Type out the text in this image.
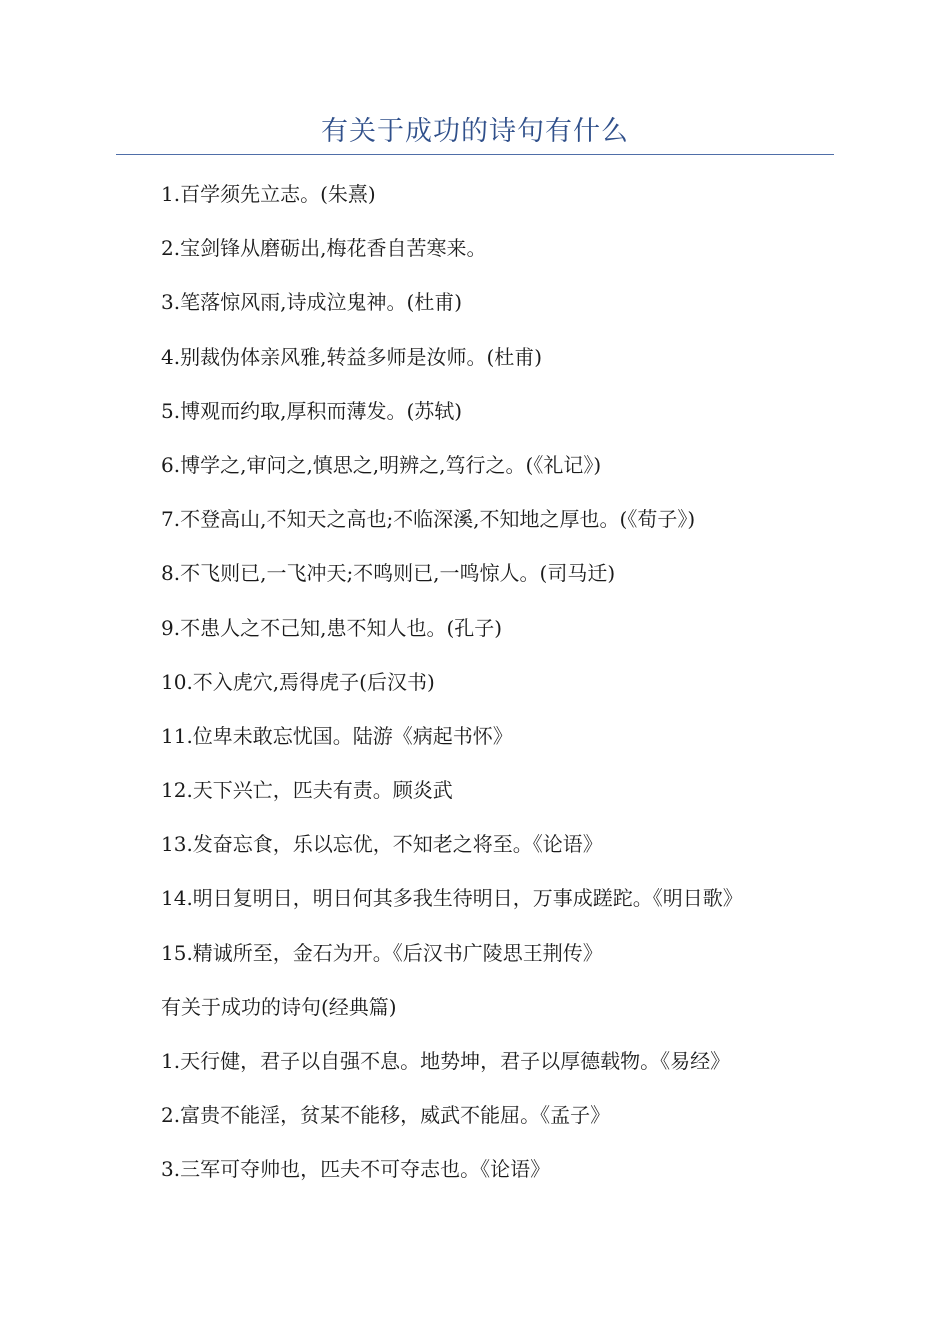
有关于成功的诗句有什么
1.百学须先立志。(朱熹)
2.宝剑锋从磨砺出,梅花香自苦寒来。
3.笔落惊风雨,诗成泣鬼神。(杜甫)
4.别裁伪体亲风雅,转益多师是汝师。(杜甫)
5.博观而约取,厚积而薄发。(苏轼)
6.博学之,审问之,慎思之,明辨之,笃行之。(《礼记》)
7.不登高山,不知天之高也;不临深溪,不知地之厚也。(《荀子》)
8.不飞则已,一飞冲天;不鸣则已,一鸣惊人。(司马迁)
9.不患人之不己知,患不知人也。(孔子)
10.不入虎穴,焉得虎子(后汉书)
11.位卑未敢忘忧国。陆游《病起书怀》
12.天下兴亡，匹夫有责。顾炎武
13.发奋忘食，乐以忘优，不知老之将至。《论语》
14.明日复明日，明日何其多我生待明日，万事成蹉跎。《明日歌》
15.精诚所至，金石为开。《后汉书广陵思王荆传》
有关于成功的诗句(经典篇)
1.天行健，君子以自强不息。地势坤，君子以厚德载物。《易经》
2.富贵不能淫，贫某不能移，威武不能屈。《孟子》
3.三军可夺帅也，匹夫不可夺志也。《论语》
